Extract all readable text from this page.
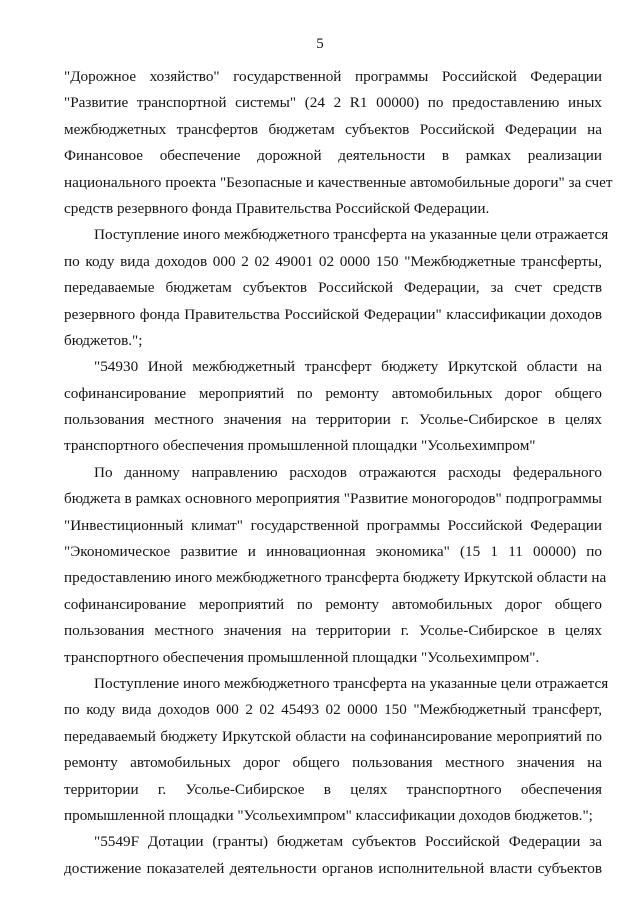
5
"Дорожное хозяйство" государственной программы Российской Федерации
"Развитие транспортной системы" (24 2 R1 00000) по предоставлению иных
межбюджетных трансфертов бюджетам субъектов Российской Федерации на
Финансовое обеспечение дорожной деятельности в рамках реализации
национального проекта "Безопасные и качественные автомобильные дороги" за счет
средств резервного фонда Правительства Российской Федерации.
Поступление иного межбюджетного трансферта на указанные цели отражается
по коду вида доходов 000 2 02 49001 02 0000 150 "Межбюджетные трансферты,
передаваемые бюджетам субъектов Российской Федерации, за счет средств
резервного фонда Правительства Российской Федерации" классификации доходов
бюджетов.";
"54930 Иной межбюджетный трансферт бюджету Иркутской области на
софинансирование мероприятий по ремонту автомобильных дорог общего
пользования местного значения на территории г. Усолье-Сибирское в целях
транспортного обеспечения промышленной площадки "Усольехимпром"
По данному направлению расходов отражаются расходы федерального
бюджета в рамках основного мероприятия "Развитие моногородов" подпрограммы
"Инвестиционный климат" государственной программы Российской Федерации
"Экономическое развитие и инновационная экономика" (15 1 11 00000) по
предоставлению иного межбюджетного трансферта бюджету Иркутской области на
софинансирование мероприятий по ремонту автомобильных дорог общего
пользования местного значения на территории г. Усолье-Сибирское в целях
транспортного обеспечения промышленной площадки "Усольехимпром".
Поступление иного межбюджетного трансферта на указанные цели отражается
по коду вида доходов 000 2 02 45493 02 0000 150 "Межбюджетный трансферт,
передаваемый бюджету Иркутской области на софинансирование мероприятий по
ремонту автомобильных дорог общего пользования местного значения на
территории г. Усолье-Сибирское в целях транспортного обеспечения
промышленной площадки "Усольехимпром" классификации доходов бюджетов.";
"5549F Дотации (гранты) бюджетам субъектов Российской Федерации за
достижение показателей деятельности органов исполнительной власти субъектов
